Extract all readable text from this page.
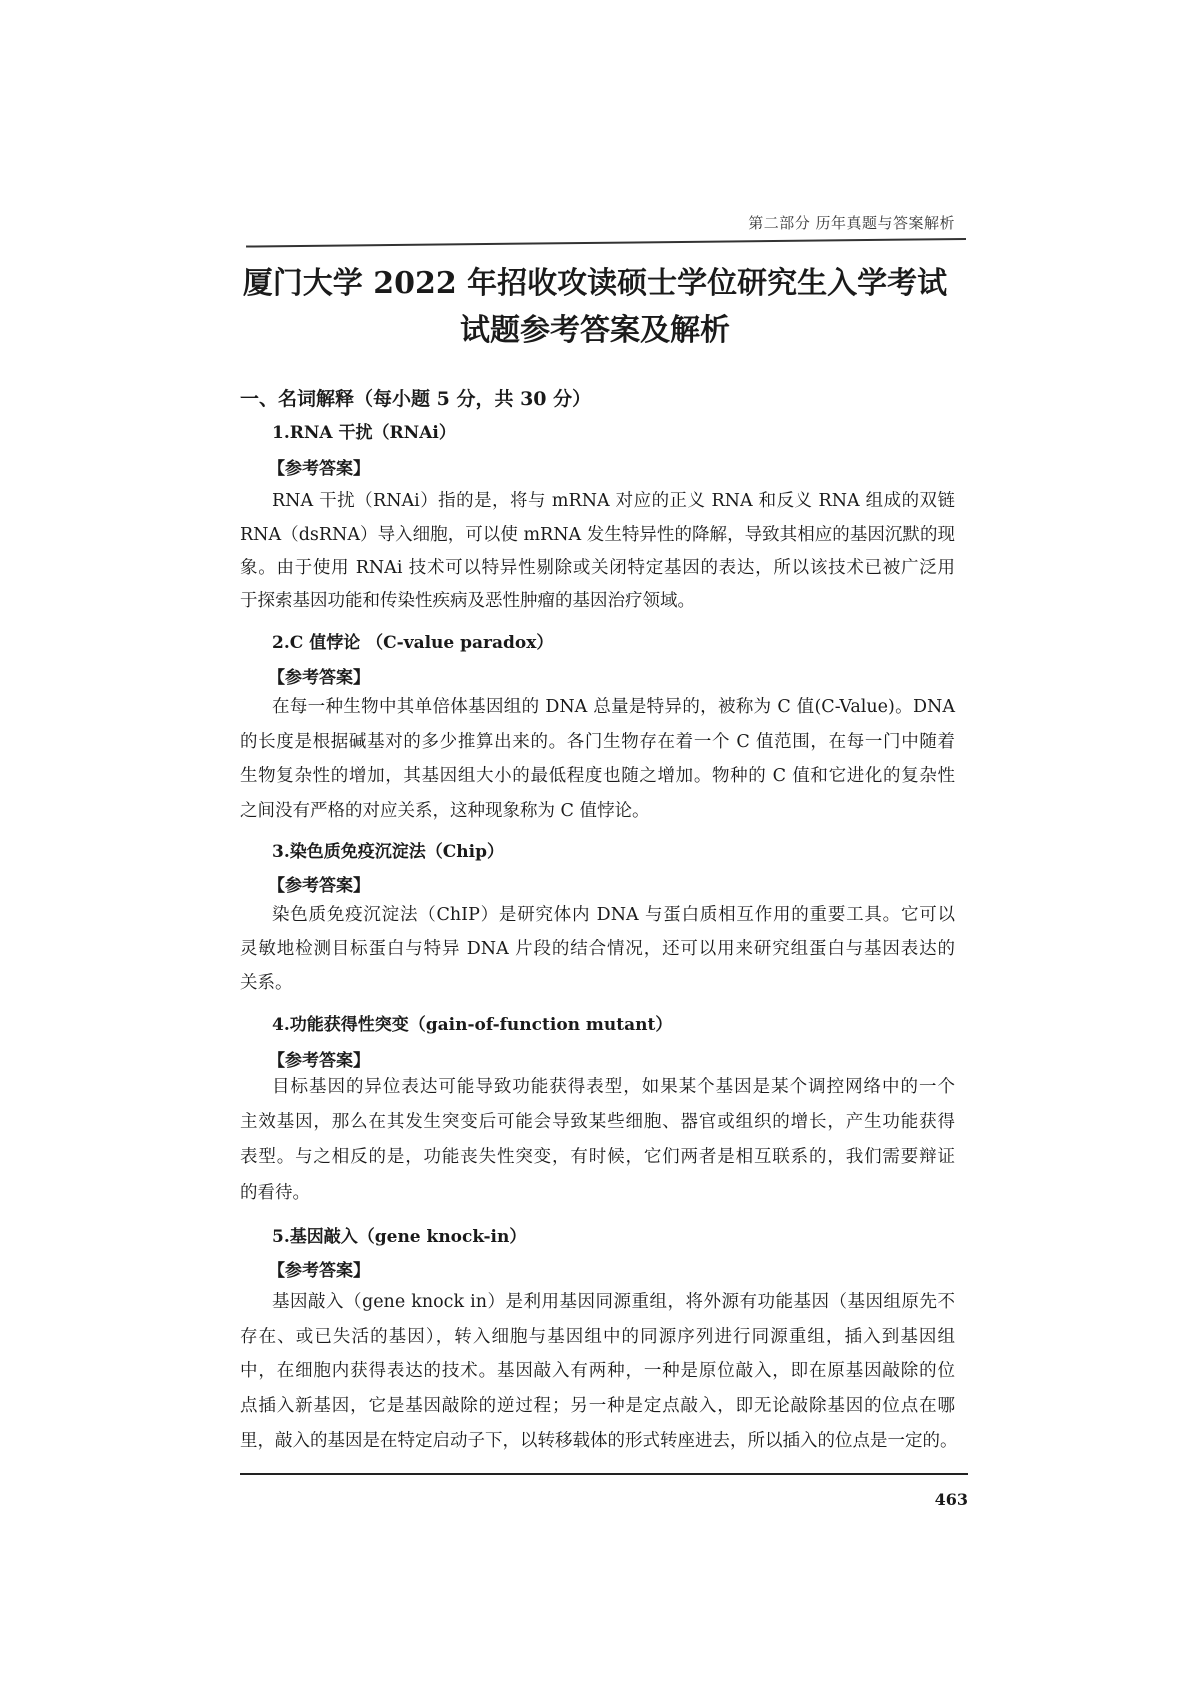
第二部分 历年真题与答案解析
厦门大学 2022 年招收攻读硕士学位研究生入学考试
试题参考答案及解析
一、名词解释（每小题 5 分，共 30 分）
1.RNA 干扰（RNAi）
【参考答案】
RNA 干扰（RNAi）指的是，将与 mRNA 对应的正义 RNA 和反义 RNA 组成的双链
RNA（dsRNA）导入细胞，可以使 mRNA 发生特异性的降解，导致其相应的基因沉默的现
象。由于使用 RNAi 技术可以特异性剔除或关闭特定基因的表达，所以该技术已被广泛用
于探索基因功能和传染性疾病及恶性肿瘤的基因治疗领域。
2.C 值悖论 （C-value paradox）
【参考答案】
在每一种生物中其单倍体基因组的 DNA 总量是特异的，被称为 C 值(C-Value)。DNA
的长度是根据碱基对的多少推算出来的。各门生物存在着一个 C 值范围，在每一门中随着
生物复杂性的增加，其基因组大小的最低程度也随之增加。物种的 C 值和它进化的复杂性
之间没有严格的对应关系，这种现象称为 C 值悖论。
3.染色质免疫沉淀法（Chip）
【参考答案】
染色质免疫沉淀法（ChIP）是研究体内 DNA 与蛋白质相互作用的重要工具。它可以
灵敏地检测目标蛋白与特异 DNA 片段的结合情况，还可以用来研究组蛋白与基因表达的
关系。
4.功能获得性突变（gain-of-function mutant）
【参考答案】
目标基因的异位表达可能导致功能获得表型，如果某个基因是某个调控网络中的一个
主效基因，那么在其发生突变后可能会导致某些细胞、器官或组织的增长，产生功能获得
表型。与之相反的是，功能丧失性突变，有时候，它们两者是相互联系的，我们需要辩证
的看待。
5.基因敲入（gene knock-in）
【参考答案】
基因敲入（gene knock in）是利用基因同源重组，将外源有功能基因（基因组原先不
存在、或已失活的基因），转入细胞与基因组中的同源序列进行同源重组，插入到基因组
中，在细胞内获得表达的技术。基因敲入有两种，一种是原位敲入，即在原基因敲除的位
点插入新基因，它是基因敲除的逆过程；另一种是定点敲入，即无论敲除基因的位点在哪
里，敲入的基因是在特定启动子下，以转移载体的形式转座进去，所以插入的位点是一定的。
463
